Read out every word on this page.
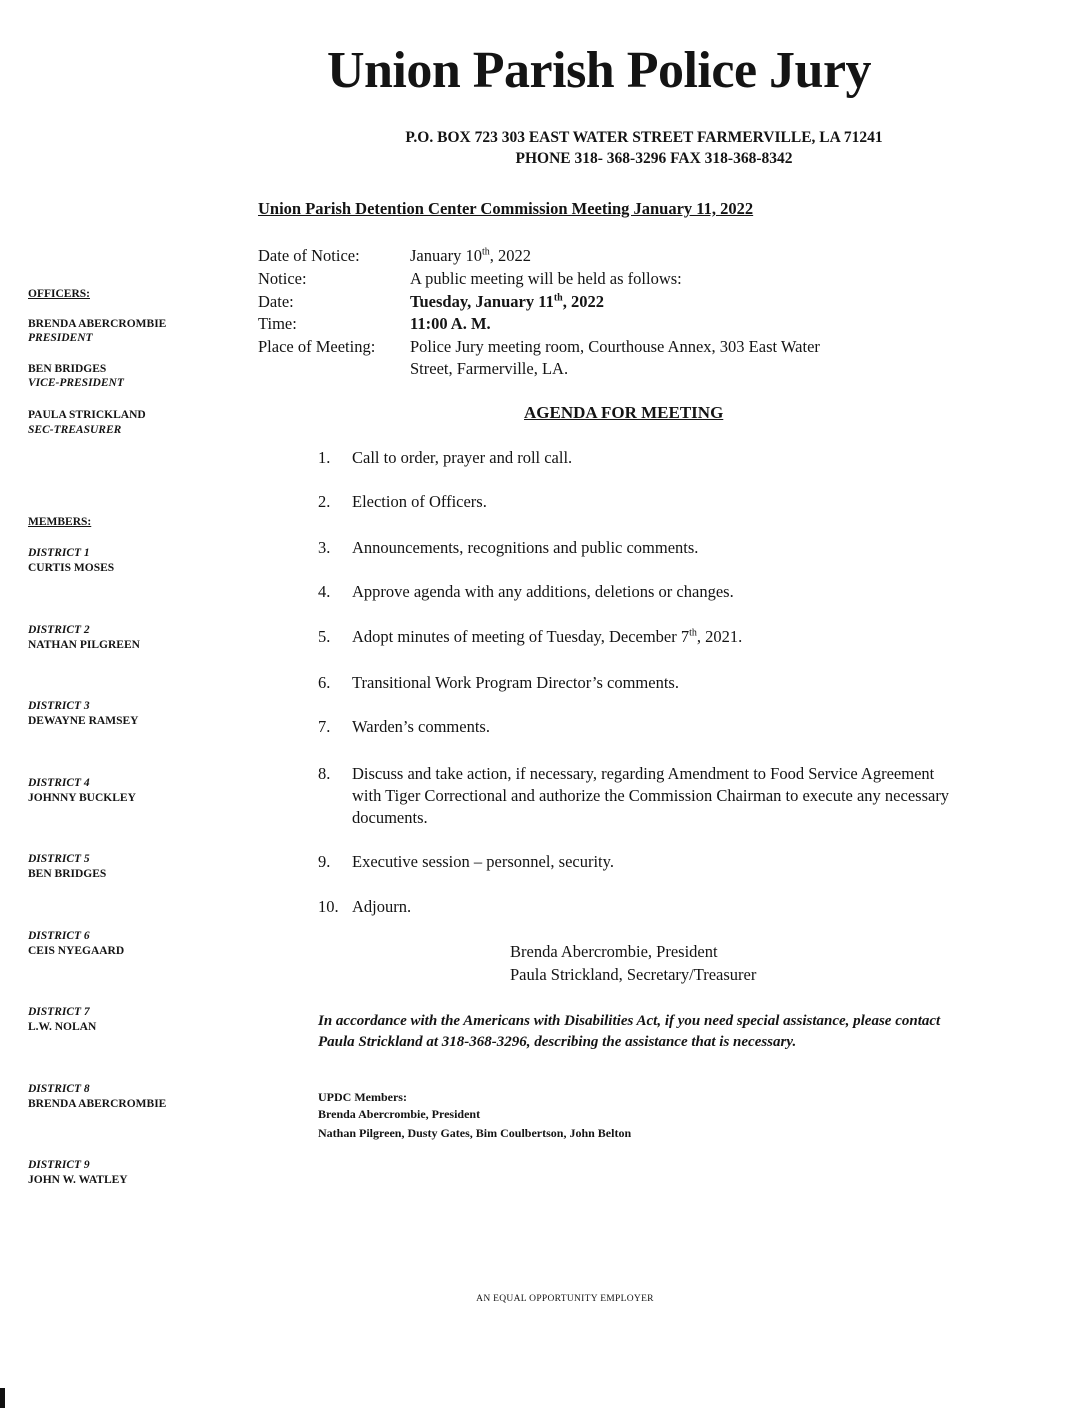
Union Parish Police Jury
P.O. BOX 723 303 EAST WATER STREET FARMERVILLE, LA 71241
PHONE 318- 368-3296 FAX 318-368-8342
Union Parish Detention Center Commission Meeting January 11, 2022
Date of Notice:	January 10th, 2022
Notice:	A public meeting will be held as follows:
Date:	Tuesday, January 11th, 2022
Time:	11:00 A. M.
Place of Meeting: Police Jury meeting room, Courthouse Annex, 303 East Water
Street, Farmerville, LA.
AGENDA FOR MEETING
1.	Call to order, prayer and roll call.
2.	Election of Officers.
3.	Announcements, recognitions and public comments.
4.	Approve agenda with any additions, deletions or changes.
5.	Adopt minutes of meeting of Tuesday, December 7th, 2021.
6.	Transitional Work Program Director’s comments.
7.	Warden’s comments.
8.	Discuss and take action, if necessary, regarding Amendment to Food Service Agreement with Tiger Correctional and authorize the Commission Chairman to execute any necessary documents.
9.	Executive session – personnel, security.
10. Adjourn.
Brenda Abercrombie, President
Paula Strickland, Secretary/Treasurer
In accordance with the Americans with Disabilities Act, if you need special assistance, please contact Paula Strickland at 318-368-3296, describing the assistance that is necessary.
UPDC Members:
Brenda Abercrombie, President
Nathan Pilgreen, Dusty Gates, Bim Coulbertson, John Belton
OFFICERS:
BRENDA ABERCROMBIE
PRESIDENT
BEN BRIDGES
VICE-PRESIDENT
PAULA STRICKLAND
SEC-TREASURER
MEMBERS:
DISTRICT 1
CURTIS MOSES
DISTRICT 2
NATHAN PILGREEN
DISTRICT 3
DEWAYNE RAMSEY
DISTRICT 4
JOHNNY BUCKLEY
DISTRICT 5
BEN BRIDGES
DISTRICT 6
CEIS NYEGAARD
DISTRICT 7
L.W. NOLAN
DISTRICT 8
BRENDA ABERCROMBIE
DISTRICT 9
JOHN W. WATLEY
AN EQUAL OPPORTUNITY EMPLOYER
